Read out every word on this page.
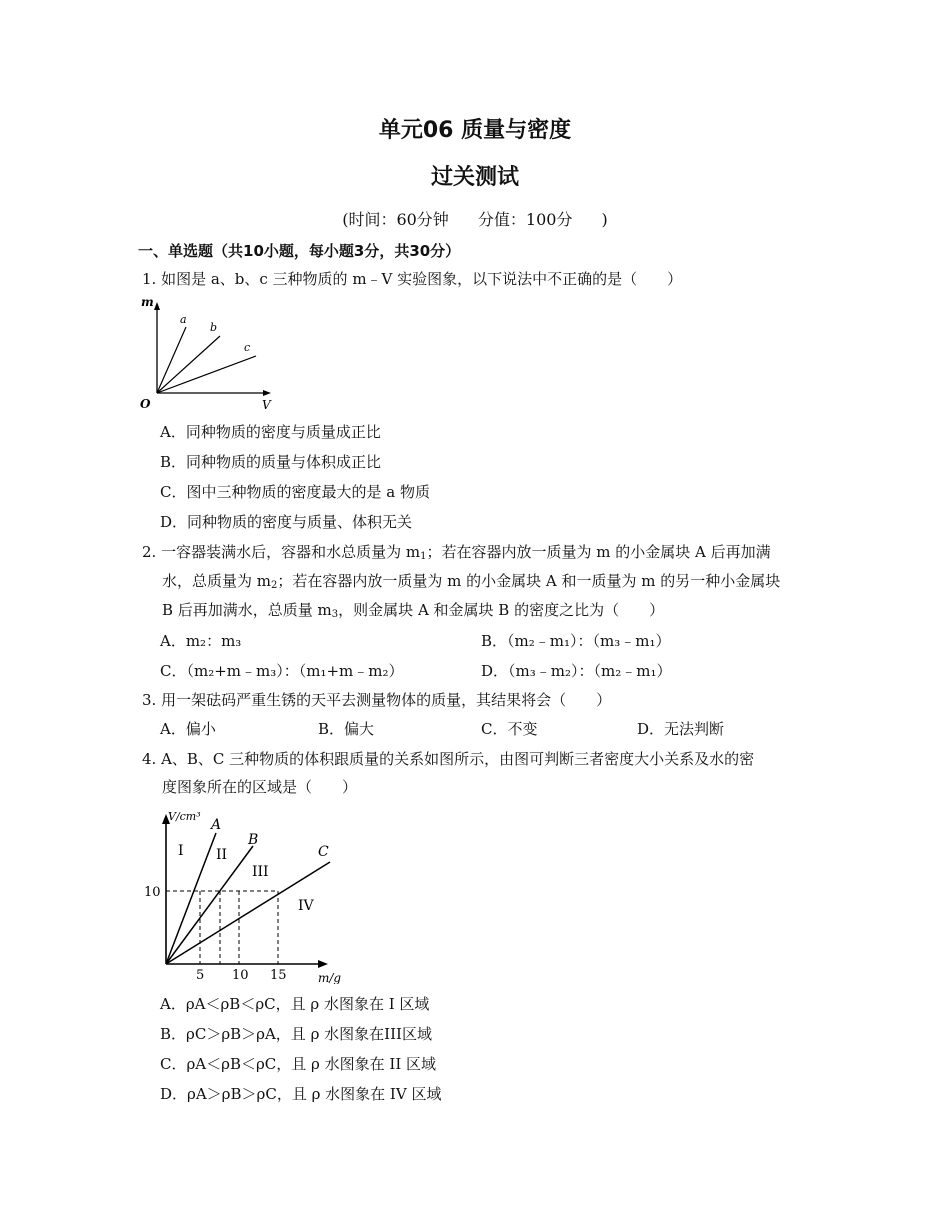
单元06 质量与密度
过关测试
(时间：60分钟 分值：100分 )
一、单选题（共10小题，每小题3分，共30分）
1. 如图是 a、b、c 三种物质的 m﹣V 实验图象，以下说法中不正确的是（　　）
m
V
O
a
b
c
A．同种物质的密度与质量成正比
B．同种物质的质量与体积成正比
C．图中三种物质的密度最大的是 a 物质
D．同种物质的密度与质量、体积无关
2. 一容器装满水后，容器和水总质量为 $m_1$；若在容器内放一质量为 m 的小金属块 A 后再加满
水，总质量为 $m_2$；若在容器内放一质量为 m 的小金属块 A 和一质量为 m 的另一种小金属块
B 后再加满水，总质量 $m_3$，则金属块 A 和金属块 B 的密度之比为（　　）
A．m₂：m₃	B．（m₂﹣m₁）：（m₃﹣m₁）
C．（m₂+m﹣m₃）：（m₁+m﹣m₂）	D．（m₃﹣m₂）：（m₂﹣m₁）
3. 用一架砝码严重生锈的天平去测量物体的质量，其结果将会（　　）
A．偏小	B．偏大	C．不变	D．无法判断
4. A、B、C 三种物质的体积跟质量的关系如图所示，由图可判断三者密度大小关系及水的密
度图象所在的区域是（　　）
V/cm³
m/g
10
5 10 15
A
B
C
I II
III
IV
A．ρA＜ρB＜ρC，且 ρ 水图象在 I 区域
B．ρC＞ρB＞ρA，且 ρ 水图象在III区域
C．ρA＜ρB＜ρC，且 ρ 水图象在 II 区域
D．ρA＞ρB＞ρC，且 ρ 水图象在 IV 区域
